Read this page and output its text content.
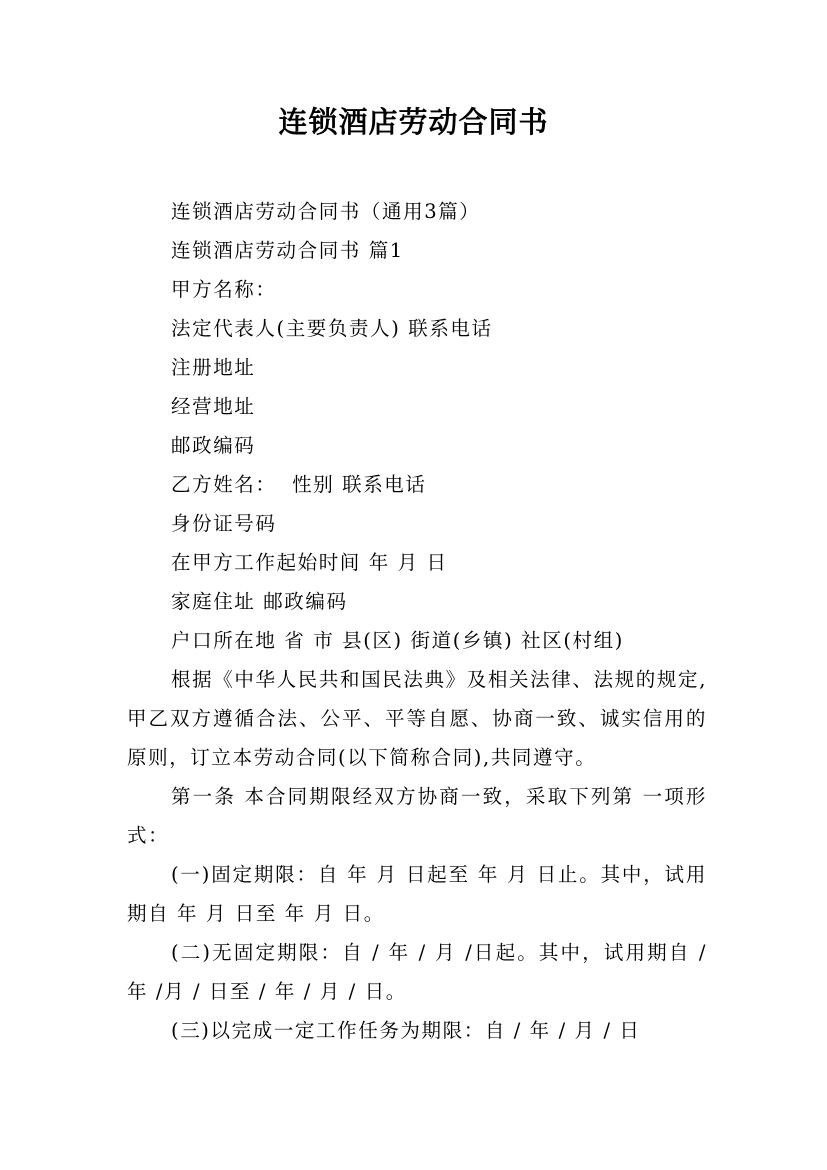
连锁酒店劳动合同书

连锁酒店劳动合同书（通用3篇）

连锁酒店劳动合同书 篇1

甲方名称：

法定代表人(主要负责人) 联系电话

注册地址

经营地址

邮政编码

乙方姓名：  性别 联系电话

身份证号码

在甲方工作起始时间 年 月 日

家庭住址 邮政编码

户口所在地 省 市 县(区) 街道(乡镇) 社区(村组)

根据《中华人民共和国民法典》及相关法律、法规的规定,甲乙双方遵循合法、公平、平等自愿、协商一致、诚实信用的原则，订立本劳动合同(以下简称合同),共同遵守。

第一条 本合同期限经双方协商一致，采取下列第 一项形式：

(一)固定期限：自 年 月 日起至 年 月 日止。其中，试用期自 年 月 日至 年 月 日。

(二)无固定期限：自 / 年 / 月 /日起。其中，试用期自 / 年 /月 / 日至 / 年 / 月 / 日。

(三)以完成一定工作任务为期限：自 / 年 / 月 / 日
